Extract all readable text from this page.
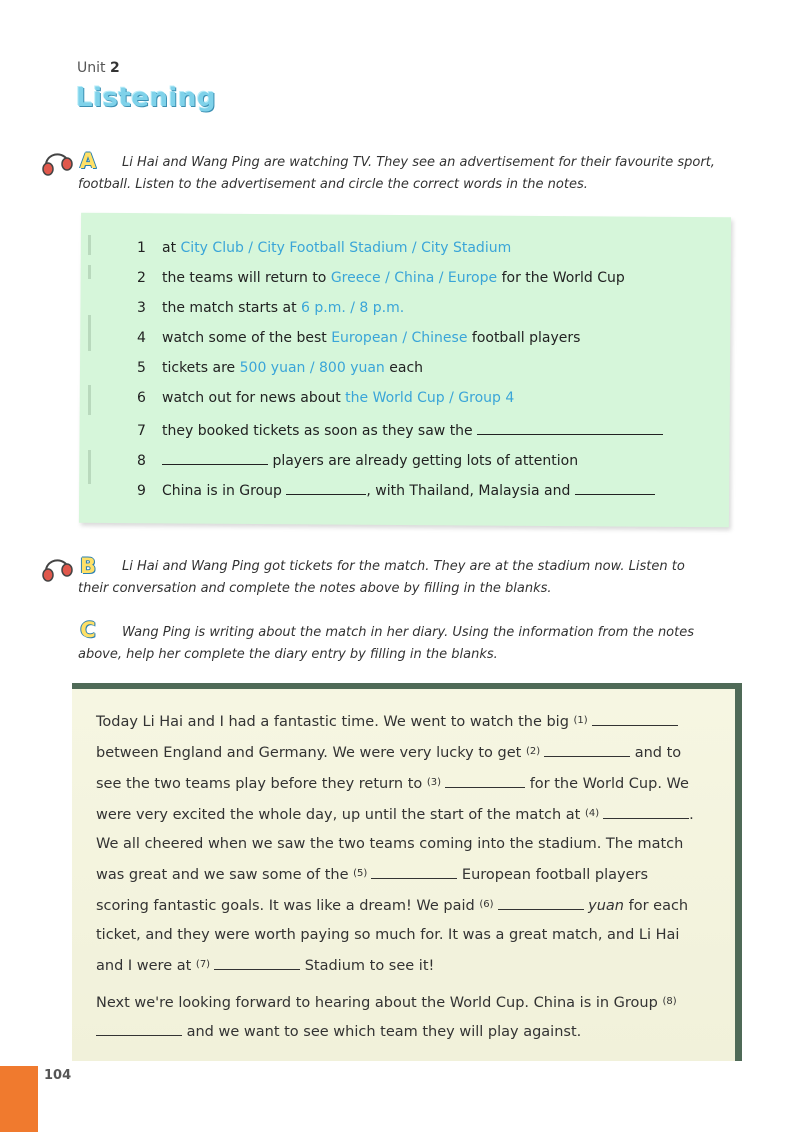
Unit 2
Listening
A	Li Hai and Wang Ping are watching TV. They see an advertisement for their favourite sport, football. Listen to the advertisement and circle the correct words in the notes.
1 at City Club / City Football Stadium / City Stadium
2 the teams will return to Greece / China / Europe for the World Cup
3 the match starts at 6 p.m. / 8 p.m.
4 watch some of the best European / Chinese football players
5 tickets are 500 yuan / 800 yuan each
6 watch out for news about the World Cup / Group 4
7 they booked tickets as soon as they saw the
8	players are already getting lots of attention
9 China is in Group	, with Thailand, Malaysia and
B	Li Hai and Wang Ping got tickets for the match. They are at the stadium now. Listen to their conversation and complete the notes above by filling in the blanks.
C	Wang Ping is writing about the match in her diary. Using the information from the notes above, help her complete the diary entry by filling in the blanks.

Today Li Hai and I had a fantastic time. We went to watch the big $^{(1)}$ between England and Germany. We were very lucky to get $^{(2)}$	and to see the two teams play before they return to $^{(3)}$	for the World Cup. We were very excited the whole day, up until the start of the match at $^{(4)}$	. We all cheered when we saw the two teams coming into the stadium. The match was great and we saw some of the $^{(5)}$	European football players scoring fantastic goals. It was like a dream! We paid $^{(6)}$	yuan for each ticket, and they were worth paying so much for. It was a great match, and Li Hai and I were at $^{(7)}$	Stadium to see it!

Next we're looking forward to hearing about the World Cup. China is in Group $^{(8)}$ and we want to see which team they will play against.

104
